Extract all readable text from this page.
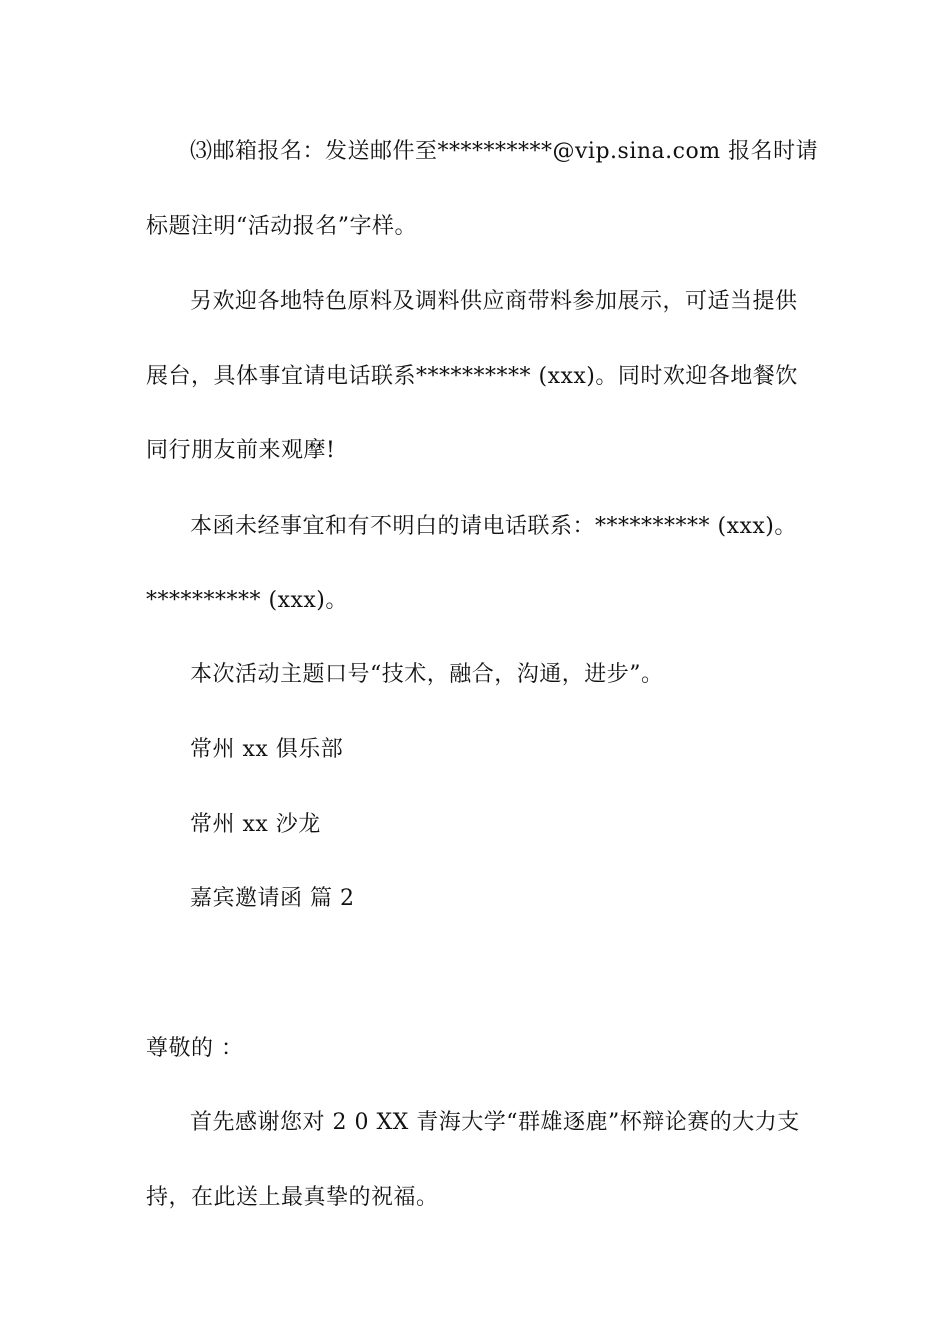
⑶邮箱报名：发送邮件至**********@vip.sina.com 报名时请
标题注明“活动报名”字样。
另欢迎各地特色原料及调料供应商带料参加展示，可适当提供
展台，具体事宜请电话联系********** (xxx)。同时欢迎各地餐饮
同行朋友前来观摩!
本函未经事宜和有不明白的请电话联系：********** (xxx)。
********** (xxx)。
本次活动主题口号“技术，融合，沟通，进步”。
常州 xx 俱乐部
常州 xx 沙龙
嘉宾邀请函 篇 2
尊敬的 ：
首先感谢您对 2 0 XX 青海大学“群雄逐鹿”杯辩论赛的大力支
持，在此送上最真挚的祝福。
